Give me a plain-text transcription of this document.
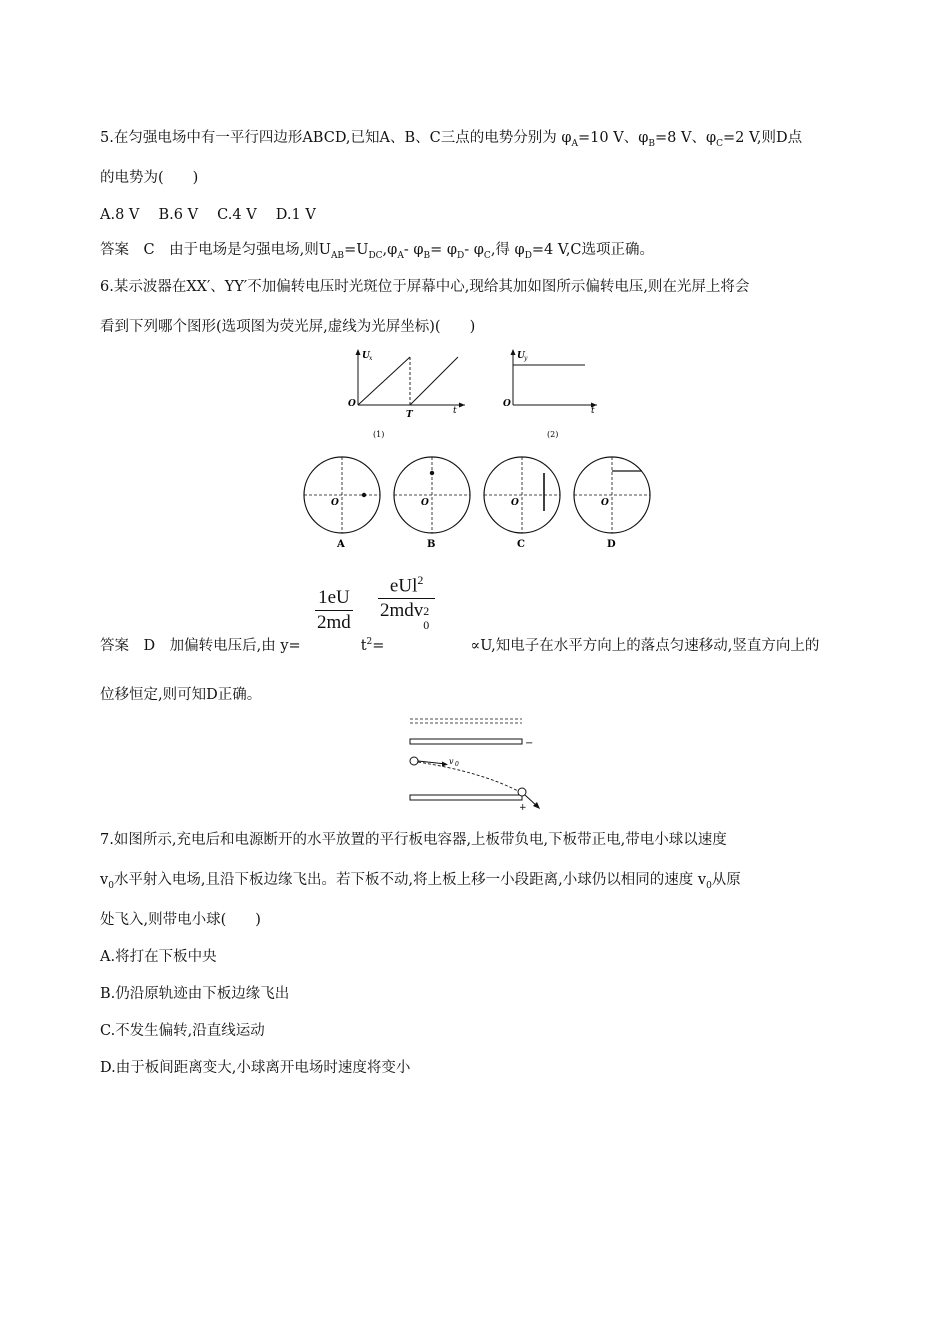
5.在匀强电场中有一平行四边形ABCD,已知A、B、C三点的电势分别为 $\varphi_A=10$ V、$\varphi_B=8$ V、$\varphi_C=2$ V,则D点
的电势为(　　)
A.8 V　 B.6 V　 C.4 V　 D.1 V
答案　C　由于电场是匀强电场,则$U_{AB}=U_{DC},\varphi_A-$ $\varphi_B= \varphi_D-$ $\varphi_C$,得 $\varphi_D=4$ V,C选项正确。
6.某示波器在XX′、YY′不加偏转电压时光斑位于屏幕中心,现给其加如图所示偏转电压,则在光屏上将会
看到下列哪个图形(选项图为荧光屏,虚线为光屏坐标)(　　)
U x
O
T	t
(1)
U y
O
t
(2)
O
A
O
B
O
C
O
D
1eU
2md
eUl$^2$
2mdv 2
0
答案　D　加偏转电压后,由 y=	$t^2=$	∝U,知电子在水平方向上的落点匀速移动,竖直方向上的
位移恒定,则可知D正确。
−
v 0
+
7.如图所示,充电后和电源断开的水平放置的平行板电容器,上板带负电,下板带正电,带电小球以速度
$v_0$水平射入电场,且沿下板边缘飞出。若下板不动,将上板上移一小段距离,小球仍以相同的速度 $v_0$从原
处飞入,则带电小球(　　)
A.将打在下板中央
B.仍沿原轨迹由下板边缘飞出
C.不发生偏转,沿直线运动
D.由于板间距离变大,小球离开电场时速度将变小
